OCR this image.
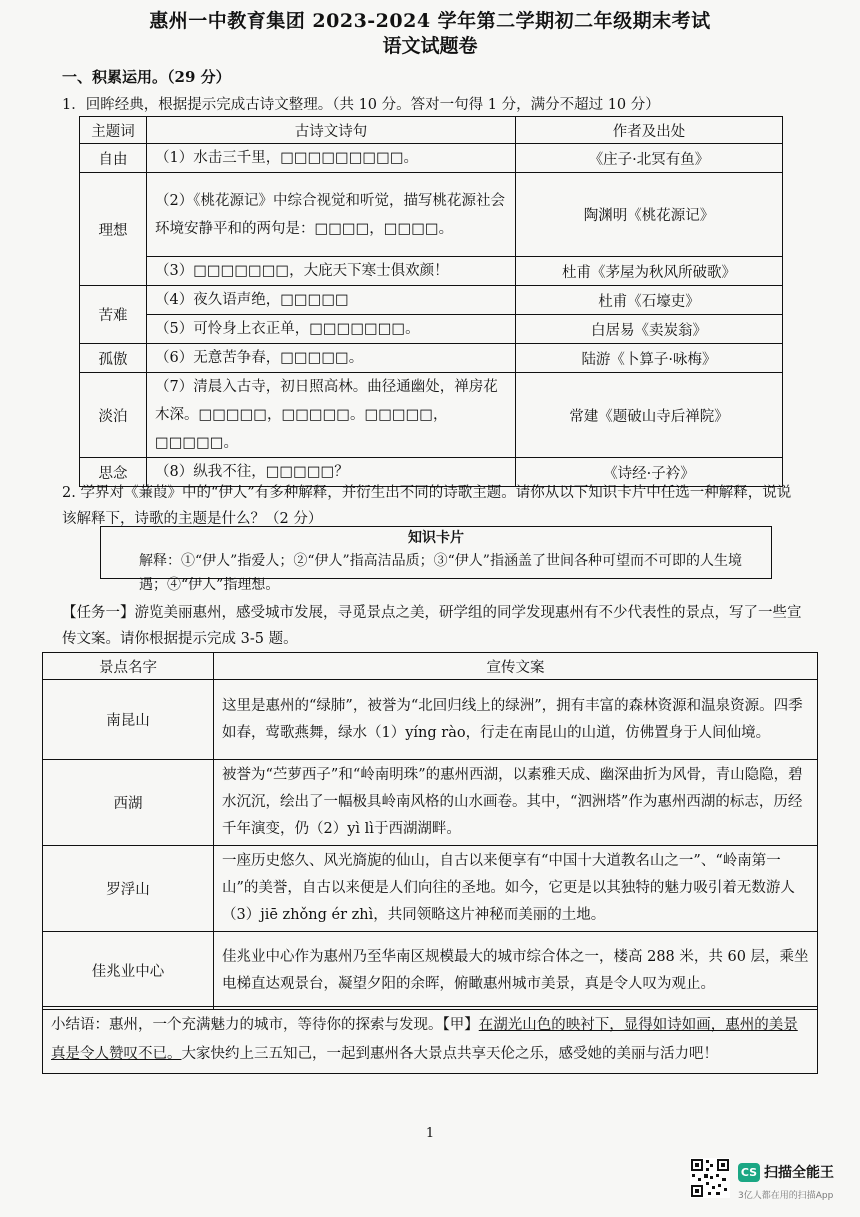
惠州一中教育集团 2023-2024 学年第二学期初二年级期末考试
语文试题卷
一、积累运用。（29 分）
1．回眸经典，根据提示完成古诗文整理。（共 10 分。答对一句得 1 分，满分不超过 10 分）
主题词	古诗文诗句	作者及出处
自由	（1）水击三千里，□□□□□□□□□。	《庄子·北冥有鱼》
理想	（2）《桃花源记》中综合视觉和听觉，描写桃花源社会环境安静平和的两句是：□□□□，□□□□。	陶渊明《桃花源记》
	（3）□□□□□□□，大庇天下寒士俱欢颜！	杜甫《茅屋为秋风所破歌》
苦难	（4）夜久语声绝，□□□□□	杜甫《石壕吏》
	（5）可怜身上衣正单，□□□□□□□。	白居易《卖炭翁》
孤傲	（6）无意苦争春，□□□□□。	陆游《卜算子·咏梅》
淡泊	（7）清晨入古寺，初日照高林。曲径通幽处，禅房花木深。□□□□□，□□□□□。□□□□□，□□□□□。	常建《题破山寺后禅院》
思念	（8）纵我不往，□□□□□？	《诗经·子衿》
2. 学界对《蒹葭》中的“伊人”有多种解释，并衍生出不同的诗歌主题。请你从以下知识卡片中任选一种解释，说说该解释下，诗歌的主题是什么？（2 分）
知识卡片
解释：①“伊人”指爱人；②“伊人”指高洁品质；③“伊人”指涵盖了世间各种可望而不可即的人生境遇；④“伊人”指理想。
【任务一】游览美丽惠州，感受城市发展，寻觅景点之美，研学组的同学发现惠州有不少代表性的景点，写了一些宣传文案。请你根据提示完成 3-5 题。
景点名字	宣传文案
南昆山	这里是惠州的“绿肺”，被誉为“北回归线上的绿洲”，拥有丰富的森林资源和温泉资源。四季如春，莺歌燕舞，绿水（1）yíng rào，行走在南昆山的山道，仿佛置身于人间仙境。
西湖	被誉为“苎萝西子”和“岭南明珠”的惠州西湖，以素雅天成、幽深曲折为风骨，青山隐隐，碧水沉沉，绘出了一幅极具岭南风格的山水画卷。其中，“泗洲塔”作为惠州西湖的标志，历经千年演变，仍（2）yì lì于西湖湖畔。
罗浮山	一座历史悠久、风光旖旎的仙山，自古以来便享有“中国十大道教名山之一”、“岭南第一山”的美誉，自古以来便是人们向往的圣地。如今，它更是以其独特的魅力吸引着无数游人（3）jiē zhǒng ér zhì，共同领略这片神秘而美丽的土地。
佳兆业中心	佳兆业中心作为惠州乃至华南区规模最大的城市综合体之一，楼高 288 米，共 60 层，乘坐电梯直达观景台，凝望夕阳的余晖，俯瞰惠州城市美景，真是令人叹为观止。
小结语：惠州，一个充满魅力的城市，等待你的探索与发现。【甲】在湖光山色的映衬下，显得如诗如画，惠州的美景真是令人赞叹不已。大家快约上三五知己，一起到惠州各大景点共享天伦之乐，感受她的美丽与活力吧！
1
CS 扫描全能王
3亿人都在用的扫描App
